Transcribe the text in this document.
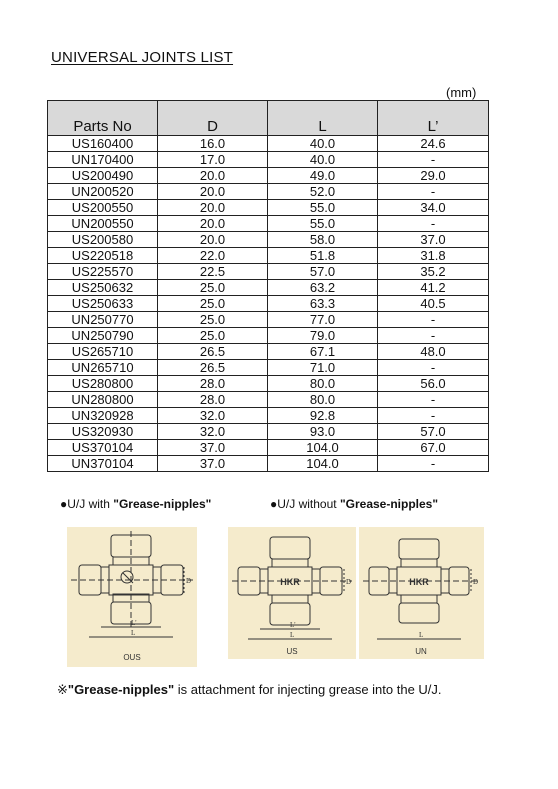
UNIVERSAL JOINTS LIST
(mm)
Parts No	D	L	L’
US160400	16.0	40.0	24.6
UN170400	17.0	40.0	-
US200490	20.0	49.0	29.0
UN200520	20.0	52.0	-
US200550	20.0	55.0	34.0
UN200550	20.0	55.0	-
US200580	20.0	58.0	37.0
US220518	22.0	51.8	31.8
US225570	22.5	57.0	35.2
US250632	25.0	63.2	41.2
US250633	25.0	63.3	40.5
UN250770	25.0	77.0	-
UN250790	25.0	79.0	-
US265710	26.5	67.1	48.0
UN265710	26.5	71.0	-
US280800	28.0	80.0	56.0
UN280800	28.0	80.0	-
UN320928	32.0	92.8	-
US320930	32.0	93.0	57.0
US370104	37.0	104.0	67.0
UN370104	37.0	104.0	-
●U/J with "Grease-nipples"	●U/J without "Grease-nipples"
D
L'
L
OUS
HKR	D
L'
L
US
HKR	D
L
UN
※"Grease-nipples" is attachment for injecting grease into the U/J.
